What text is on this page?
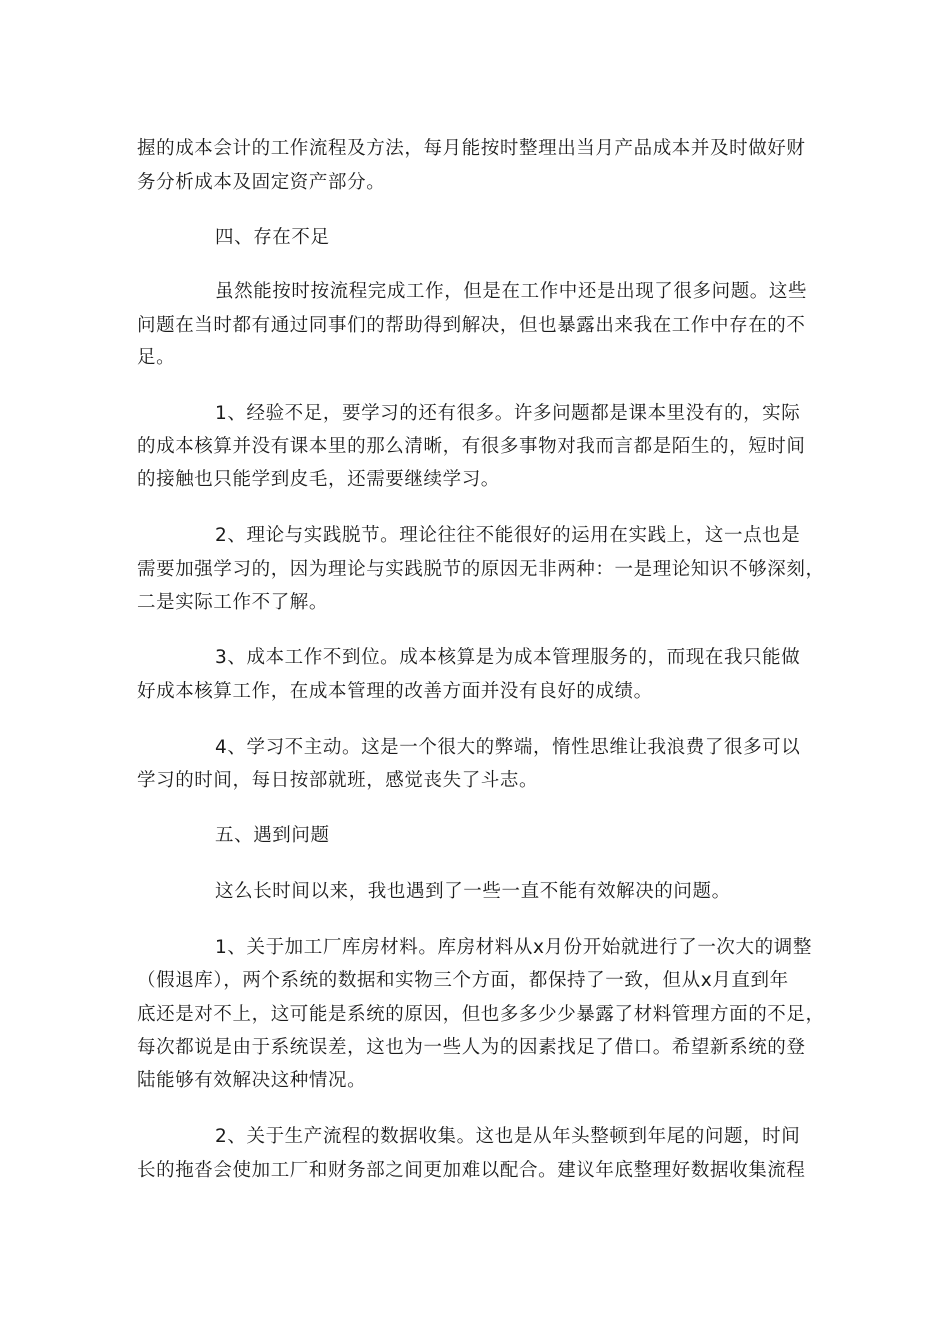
握的成本会计的工作流程及方法，每月能按时整理出当月产品成本并及时做好财
务分析成本及固定资产部分。
四、存在不足
虽然能按时按流程完成工作，但是在工作中还是出现了很多问题。这些
问题在当时都有通过同事们的帮助得到解决，但也暴露出来我在工作中存在的不
足。
1、经验不足，要学习的还有很多。许多问题都是课本里没有的，实际
的成本核算并没有课本里的那么清晰，有很多事物对我而言都是陌生的，短时间
的接触也只能学到皮毛，还需要继续学习。
2、理论与实践脱节。理论往往不能很好的运用在实践上，这一点也是
需要加强学习的，因为理论与实践脱节的原因无非两种：一是理论知识不够深刻，
二是实际工作不了解。
3、成本工作不到位。成本核算是为成本管理服务的，而现在我只能做
好成本核算工作，在成本管理的改善方面并没有良好的成绩。
4、学习不主动。这是一个很大的弊端，惰性思维让我浪费了很多可以
学习的时间，每日按部就班，感觉丧失了斗志。
五、遇到问题
这么长时间以来，我也遇到了一些一直不能有效解决的问题。
1、关于加工厂库房材料。库房材料从x月份开始就进行了一次大的调整
（假退库），两个系统的数据和实物三个方面，都保持了一致，但从x月直到年
底还是对不上，这可能是系统的原因，但也多多少少暴露了材料管理方面的不足，
每次都说是由于系统误差，这也为一些人为的因素找足了借口。希望新系统的登
陆能够有效解决这种情况。
2、关于生产流程的数据收集。这也是从年头整顿到年尾的问题，时间
长的拖沓会使加工厂和财务部之间更加难以配合。建议年底整理好数据收集流程
